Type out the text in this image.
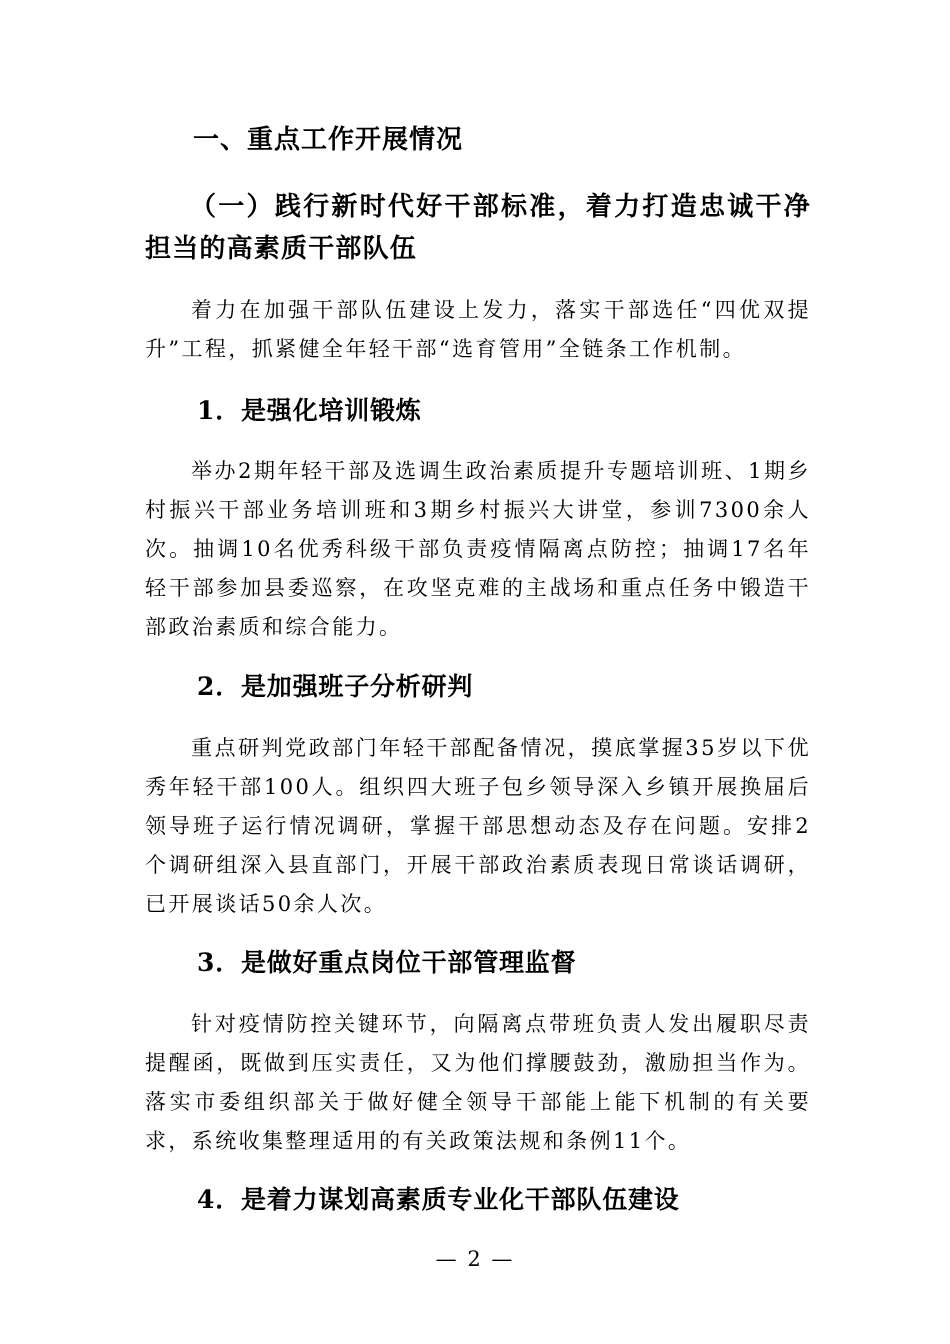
一、重点工作开展情况
（一）践行新时代好干部标准，着力打造忠诚干净担当的高素质干部队伍
着力在加强干部队伍建设上发力，落实干部选任“四优双提升”工程，抓紧健全年轻干部“选育管用”全链条工作机制。
1．是强化培训锻炼
举办2期年轻干部及选调生政治素质提升专题培训班、1期乡村振兴干部业务培训班和3期乡村振兴大讲堂，参训7300余人次。抽调10名优秀科级干部负责疫情隔离点防控；抽调17名年轻干部参加县委巡察，在攻坚克难的主战场和重点任务中锻造干部政治素质和综合能力。
2．是加强班子分析研判
重点研判党政部门年轻干部配备情况，摸底掌握35岁以下优秀年轻干部100人。组织四大班子包乡领导深入乡镇开展换届后领导班子运行情况调研，掌握干部思想动态及存在问题。安排2个调研组深入县直部门，开展干部政治素质表现日常谈话调研，已开展谈话50余人次。
3．是做好重点岗位干部管理监督
针对疫情防控关键环节，向隔离点带班负责人发出履职尽责提醒函，既做到压实责任，又为他们撑腰鼓劲，激励担当作为。落实市委组织部关于做好健全领导干部能上能下机制的有关要求，系统收集整理适用的有关政策法规和条例11个。
4．是着力谋划高素质专业化干部队伍建设
— 2 —
